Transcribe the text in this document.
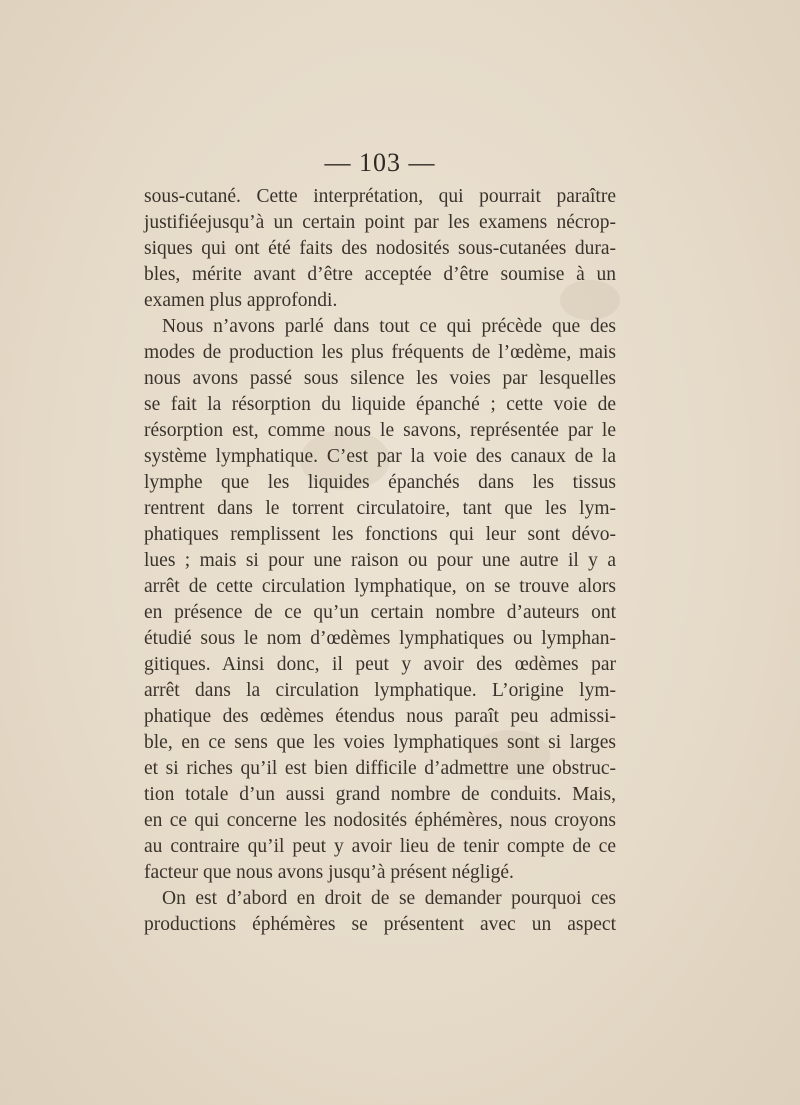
— 103 —
sous-cutané. Cette interprétation, qui pourrait paraître
justifiéejusqu’à un certain point par les examens nécrop-
siques qui ont été faits des nodosités sous-cutanées dura-
bles, mérite avant d’être acceptée d’être soumise à un
examen plus approfondi.
Nous n’avons parlé dans tout ce qui précède que des
modes de production les plus fréquents de l’œdème, mais
nous avons passé sous silence les voies par lesquelles
se fait la résorption du liquide épanché ; cette voie de
résorption est, comme nous le savons, représentée par le
système lymphatique. C’est par la voie des canaux de la
lymphe que les liquides épanchés dans les tissus
rentrent dans le torrent circulatoire, tant que les lym-
phatiques remplissent les fonctions qui leur sont dévo-
lues ; mais si pour une raison ou pour une autre il y a
arrêt de cette circulation lymphatique, on se trouve alors
en présence de ce qu’un certain nombre d’auteurs ont
étudié sous le nom d’œdèmes lymphatiques ou lymphan-
gitiques. Ainsi donc, il peut y avoir des œdèmes par
arrêt dans la circulation lymphatique. L’origine lym-
phatique des œdèmes étendus nous paraît peu admissi-
ble, en ce sens que les voies lymphatiques sont si larges
et si riches qu’il est bien difficile d’admettre une obstruc-
tion totale d’un aussi grand nombre de conduits. Mais,
en ce qui concerne les nodosités éphémères, nous croyons
au contraire qu’il peut y avoir lieu de tenir compte de ce
facteur que nous avons jusqu’à présent négligé.
On est d’abord en droit de se demander pourquoi ces
productions éphémères se présentent avec un aspect
